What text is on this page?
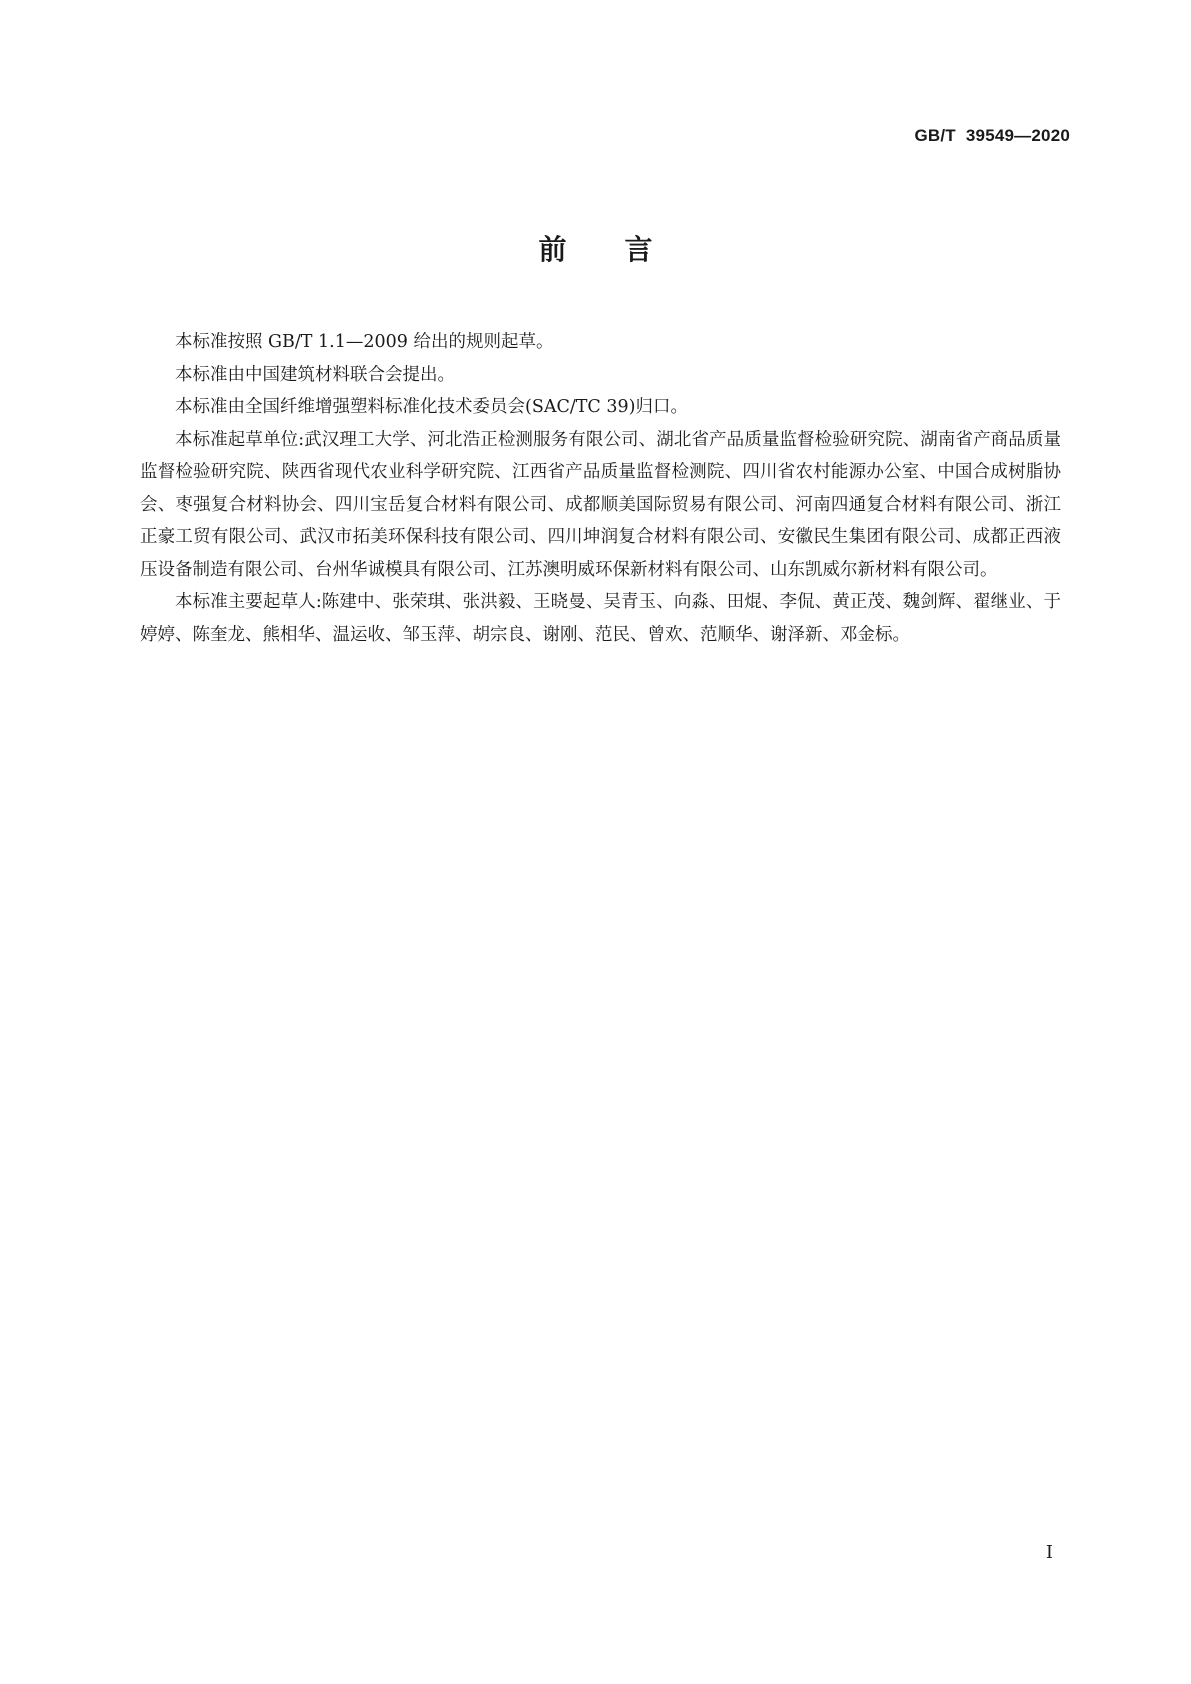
GB/T 39549—2020
前言

本标准按照 GB/T 1.1—2009 给出的规则起草。

本标准由中国建筑材料联合会提出。

本标准由全国纤维增强塑料标准化技术委员会(SAC/TC 39)归口。

本标准起草单位:武汉理工大学、河北浩正检测服务有限公司、湖北省产品质量监督检验研究院、湖南省产商品质量监督检验研究院、陕西省现代农业科学研究院、江西省产品质量监督检测院、四川省农村能源办公室、中国合成树脂协会、枣强复合材料协会、四川宝岳复合材料有限公司、成都顺美国际贸易有限公司、河南四通复合材料有限公司、浙江正豪工贸有限公司、武汉市拓美环保科技有限公司、四川坤润复合材料有限公司、安徽民生集团有限公司、成都正西液压设备制造有限公司、台州华诚模具有限公司、江苏澳明威环保新材料有限公司、山东凯威尔新材料有限公司。

本标准主要起草人:陈建中、张荣琪、张洪毅、王晓曼、吴青玉、向淼、田焜、李侃、黄正茂、魏剑辉、翟继业、于婷婷、陈奎龙、熊相华、温运收、邹玉萍、胡宗良、谢刚、范民、曾欢、范顺华、谢泽新、邓金标。

I
